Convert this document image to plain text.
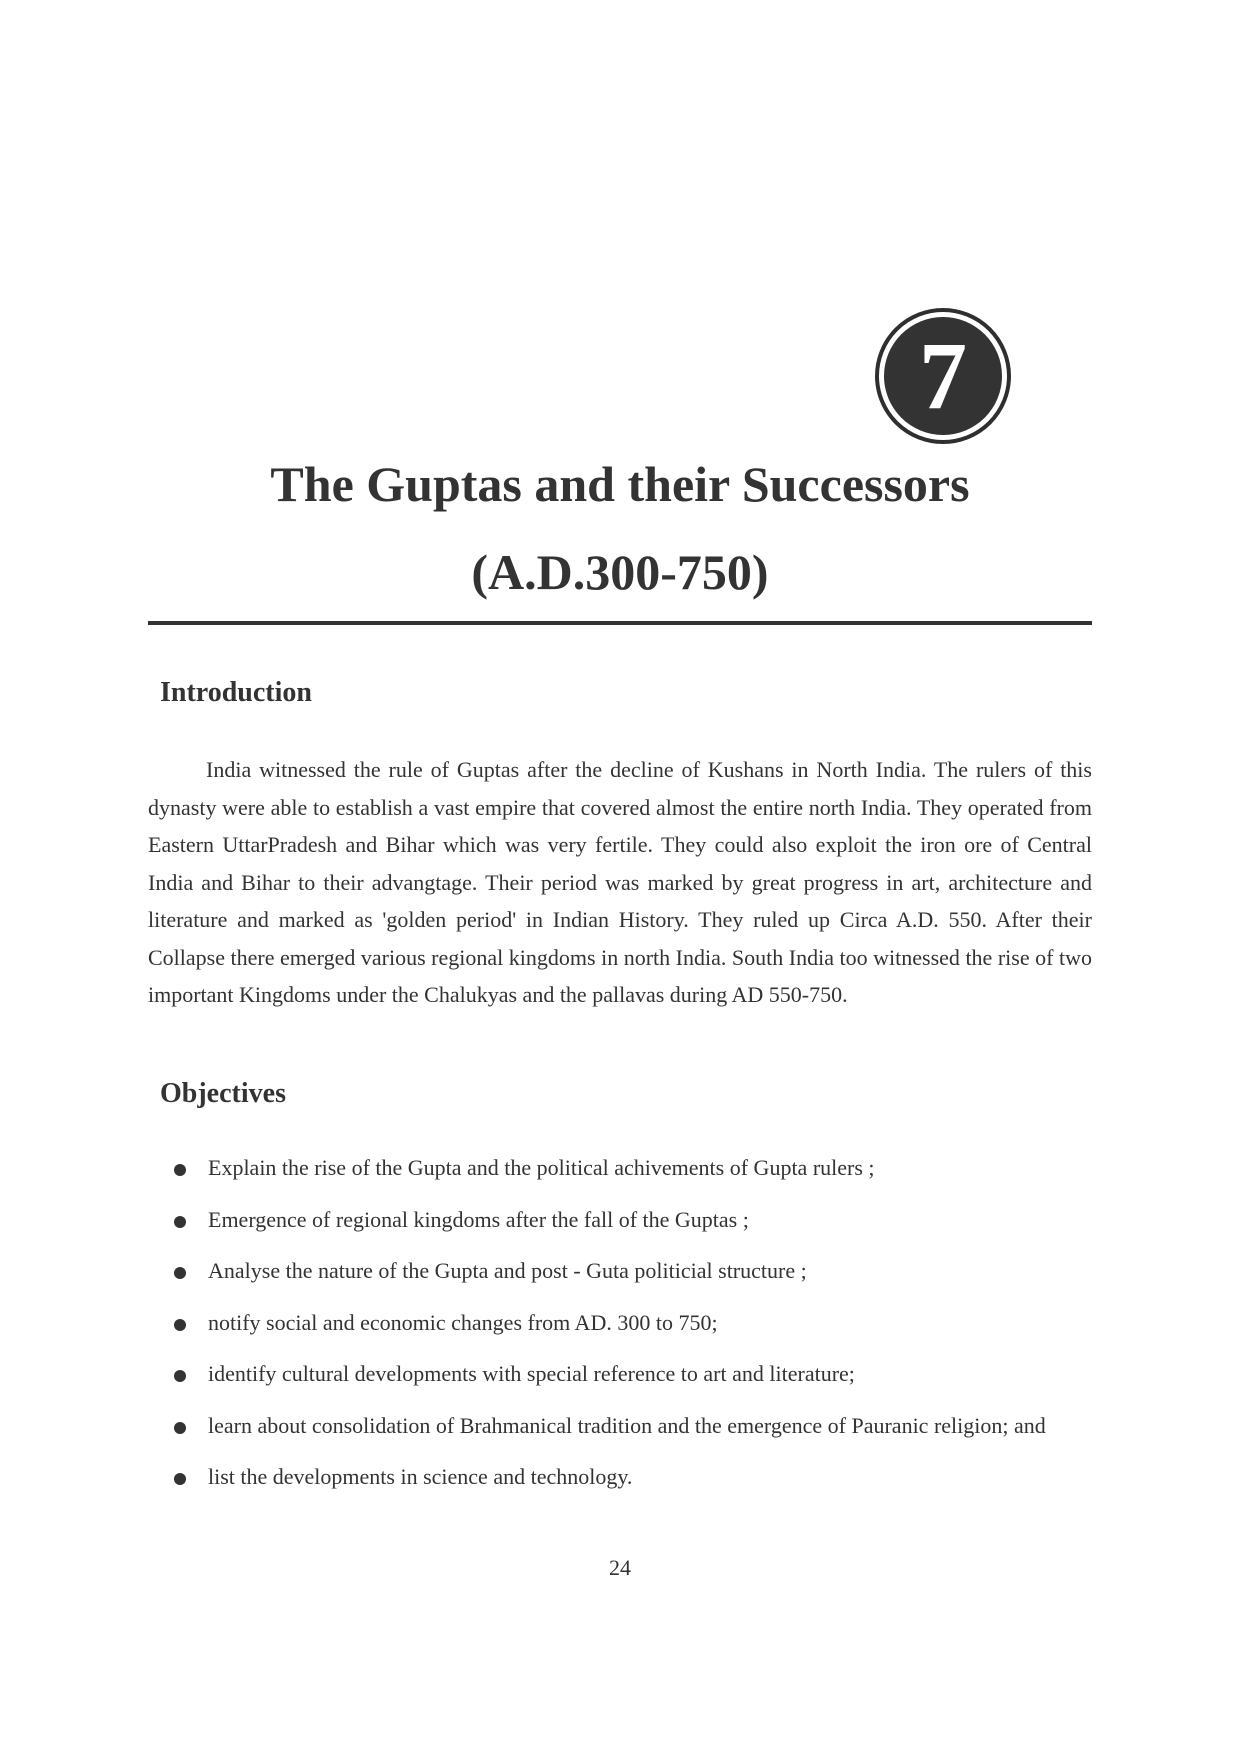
7
The Guptas and their Successors
(A.D.300-750)
Introduction

India witnessed the rule of Guptas after the decline of Kushans in North India. The rulers of this dynasty were able to establish a vast empire that covered almost the entire north India. They operated from Eastern UttarPradesh and Bihar which was very fertile. They could also exploit the iron ore of Central India and Bihar to their advangtage. Their period was marked by great progress in art, architecture and literature and marked as 'golden period' in Indian History. They ruled up Circa A.D. 550. After their Collapse there emerged various regional kingdoms in north India. South India too witnessed the rise of two important Kingdoms under the Chalukyas and the pallavas during AD 550-750.

Objectives
Explain the rise of the Gupta and the political achivements of Gupta rulers ;
Emergence of regional kingdoms after the fall of the Guptas ;
Analyse the nature of the Gupta and post - Guta politicial structure ;
notify social and economic changes from AD. 300 to 750;
identify cultural developments with special reference to art and literature;
learn about consolidation of Brahmanical tradition and the emergence of Pauranic religion; and
list the developments in science and technology.
24
